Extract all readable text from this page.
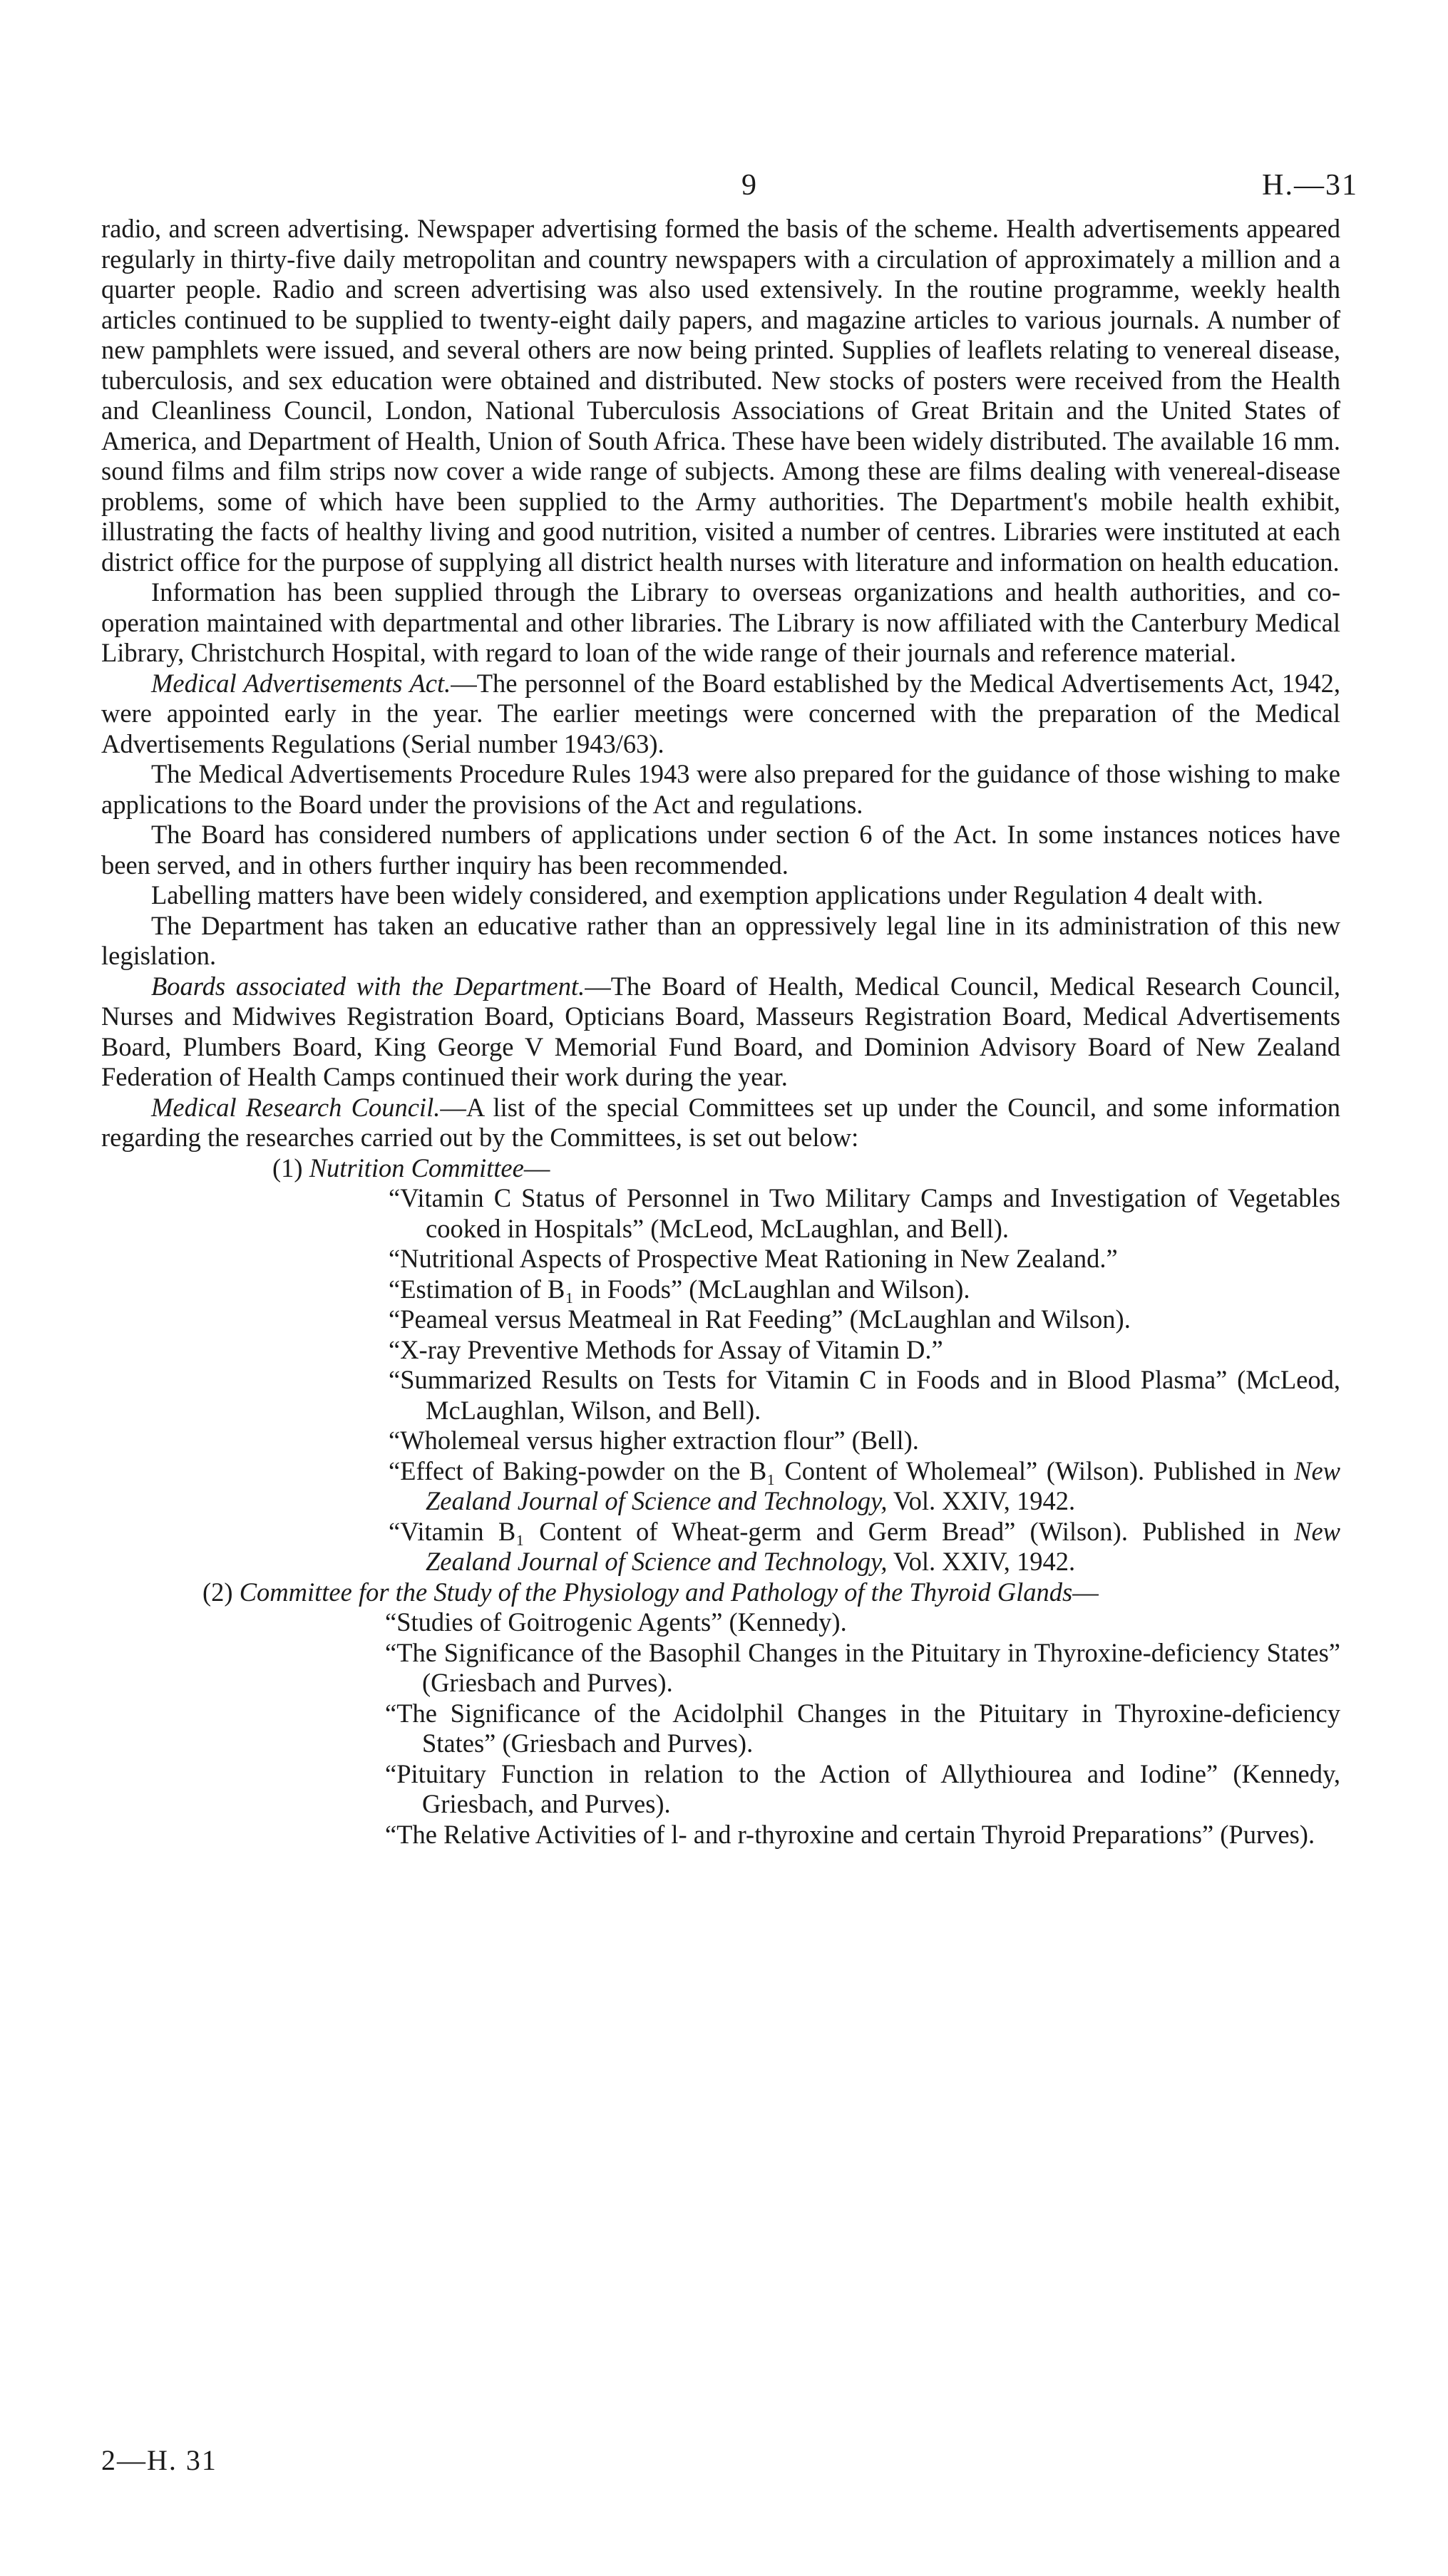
9	H.—31

radio, and screen advertising. Newspaper advertising formed the basis of the scheme. Health advertisements appeared regularly in thirty-five daily metropolitan and country newspapers with a circulation of approximately a million and a quarter people. Radio and screen advertising was also used extensively. In the routine programme, weekly health articles continued to be supplied to twenty-eight daily papers, and magazine articles to various journals. A number of new pamphlets were issued, and several others are now being printed. Supplies of leaflets relating to venereal disease, tuberculosis, and sex education were obtained and distributed. New stocks of posters were received from the Health and Cleanliness Council, London, National Tuberculosis Associations of Great Britain and the United States of America, and Department of Health, Union of South Africa. These have been widely distributed. The available 16 mm. sound films and film strips now cover a wide range of subjects. Among these are films dealing with venereal-disease problems, some of which have been supplied to the Army authorities. The Department's mobile health exhibit, illustrating the facts of healthy living and good nutrition, visited a number of centres. Libraries were instituted at each district office for the purpose of supplying all district health nurses with literature and information on health education.

Information has been supplied through the Library to overseas organizations and health authorities, and co-operation maintained with departmental and other libraries. The Library is now affiliated with the Canterbury Medical Library, Christchurch Hospital, with regard to loan of the wide range of their journals and reference material.

Medical Advertisements Act.—The personnel of the Board established by the Medical Advertisements Act, 1942, were appointed early in the year. The earlier meetings were concerned with the preparation of the Medical Advertisements Regulations (Serial number 1943/63).

The Medical Advertisements Procedure Rules 1943 were also prepared for the guidance of those wishing to make applications to the Board under the provisions of the Act and regulations.

The Board has considered numbers of applications under section 6 of the Act. In some instances notices have been served, and in others further inquiry has been recommended.

Labelling matters have been widely considered, and exemption applications under Regulation 4 dealt with.

The Department has taken an educative rather than an oppressively legal line in its administration of this new legislation.

Boards associated with the Department.—The Board of Health, Medical Council, Medical Research Council, Nurses and Midwives Registration Board, Opticians Board, Masseurs Registration Board, Medical Advertisements Board, Plumbers Board, King George V Memorial Fund Board, and Dominion Advisory Board of New Zealand Federation of Health Camps continued their work during the year.

Medical Research Council.—A list of the special Committees set up under the Council, and some information regarding the researches carried out by the Committees, is set out below:

(1) Nutrition Committee—

“Vitamin C Status of Personnel in Two Military Camps and Investigation of Vegetables cooked in Hospitals” (McLeod, McLaughlan, and Bell).
“Nutritional Aspects of Prospective Meat Rationing in New Zealand.”
“Estimation of B₁ in Foods” (McLaughlan and Wilson).
“Peameal versus Meatmeal in Rat Feeding” (McLaughlan and Wilson).
“X-ray Preventive Methods for Assay of Vitamin D.”
“Summarized Results on Tests for Vitamin C in Foods and in Blood Plasma” (McLeod, McLaughlan, Wilson, and Bell).
“Wholemeal versus higher extraction flour” (Bell).
“Effect of Baking-powder on the B₁ Content of Wholemeal” (Wilson). Published in New Zealand Journal of Science and Technology, Vol. XXIV, 1942.
“Vitamin B₁ Content of Wheat-germ and Germ Bread” (Wilson). Published in New Zealand Journal of Science and Technology, Vol. XXIV, 1942.

(2) Committee for the Study of the Physiology and Pathology of the Thyroid Glands—

“Studies of Goitrogenic Agents” (Kennedy).
“The Significance of the Basophil Changes in the Pituitary in Thyroxine-deficiency States” (Griesbach and Purves).
“The Significance of the Acidolphil Changes in the Pituitary in Thyroxine-deficiency States” (Griesbach and Purves).
“Pituitary Function in relation to the Action of Allythiourea and Iodine” (Kennedy, Griesbach, and Purves).
“The Relative Activities of l- and r-thyroxine and certain Thyroid Preparations” (Purves).
2—H. 31
